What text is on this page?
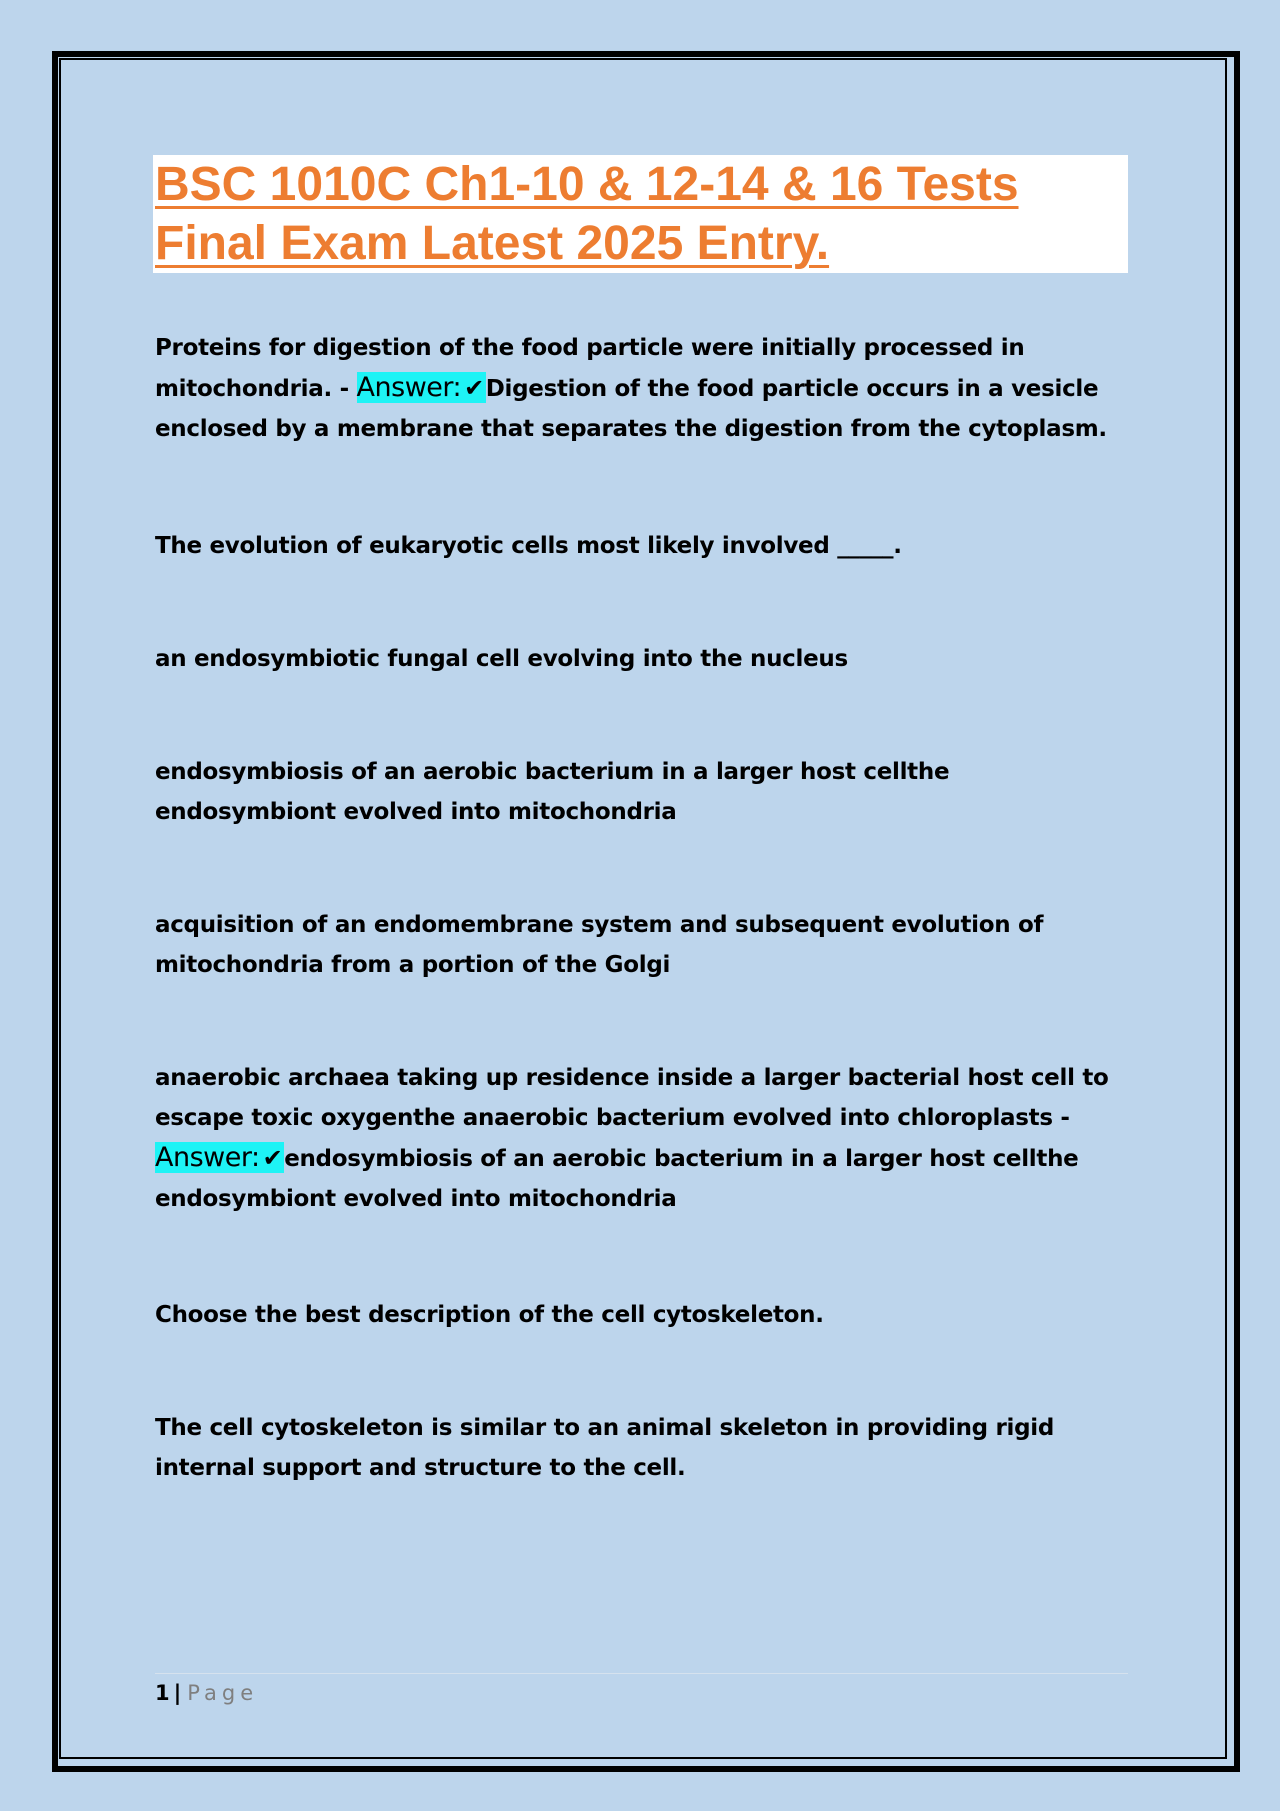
BSC 1010C Ch1-10 & 12-14 & 16 Tests
Final Exam Latest 2025 Entry.

Proteins for digestion of the food particle were initially processed in mitochondria. - Answer: ✔Digestion of the food particle occurs in a vesicle enclosed by a membrane that separates the digestion from the cytoplasm.

The evolution of eukaryotic cells most likely involved _____.

an endosymbiotic fungal cell evolving into the nucleus

endosymbiosis of an aerobic bacterium in a larger host cellthe endosymbiont evolved into mitochondria

acquisition of an endomembrane system and subsequent evolution of mitochondria from a portion of the Golgi

anaerobic archaea taking up residence inside a larger bacterial host cell to escape toxic oxygenthe anaerobic bacterium evolved into chloroplasts - Answer: ✔endosymbiosis of an aerobic bacterium in a larger host cellthe endosymbiont evolved into mitochondria

Choose the best description of the cell cytoskeleton.

The cell cytoskeleton is similar to an animal skeleton in providing rigid internal support and structure to the cell.

1 | Page
